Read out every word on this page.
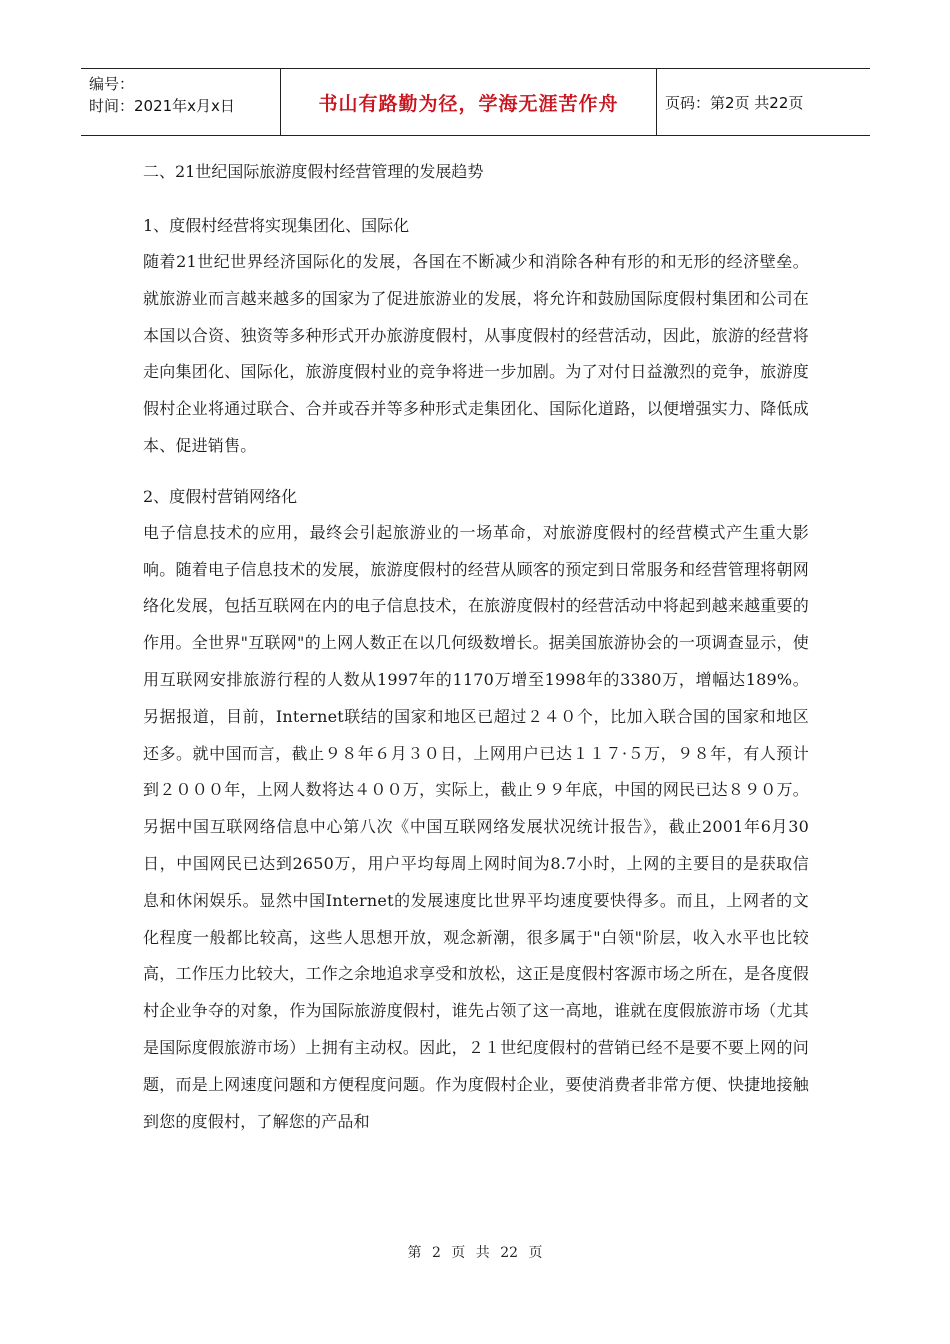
编号：
时间：2021年x月x日	书山有路勤为径，学海无涯苦作舟	页码：第2页 共22页
二、21世纪国际旅游度假村经营管理的发展趋势
1、度假村经营将实现集团化、国际化

随着21世纪世界经济国际化的发展，各国在不断减少和消除各种有形的和无形的经济壁垒。就旅游业而言越来越多的国家为了促进旅游业的发展，将允许和鼓励国际度假村集团和公司在本国以合资、独资等多种形式开办旅游度假村，从事度假村的经营活动，因此，旅游的经营将走向集团化、国际化，旅游度假村业的竞争将进一步加剧。为了对付日益激烈的竞争，旅游度假村企业将通过联合、合并或吞并等多种形式走集团化、国际化道路，以便增强实力、降低成本、促进销售。

2、度假村营销网络化

电子信息技术的应用，最终会引起旅游业的一场革命，对旅游度假村的经营模式产生重大影响。随着电子信息技术的发展，旅游度假村的经营从顾客的预定到日常服务和经营管理将朝网络化发展，包括互联网在内的电子信息技术，在旅游度假村的经营活动中将起到越来越重要的作用。全世界"互联网"的上网人数正在以几何级数增长。据美国旅游协会的一项调查显示，使用互联网安排旅游行程的人数从1997年的1170万增至1998年的3380万，增幅达189%。另据报道，目前，Internet联结的国家和地区已超过２４０个，比加入联合国的国家和地区还多。就中国而言，截止９８年６月３０日，上网用户已达１１７·５万，９８年，有人预计到２０００年，上网人数将达４００万，实际上，截止９９年底，中国的网民已达８９０万。另据中国互联网络信息中心第八次《中国互联网络发展状况统计报告》，截止2001年6月30日，中国网民已达到2650万，用户平均每周上网时间为8.7小时，上网的主要目的是获取信息和休闲娱乐。显然中国Internet的发展速度比世界平均速度要快得多。而且，上网者的文化程度一般都比较高，这些人思想开放，观念新潮，很多属于"白领"阶层，收入水平也比较高，工作压力比较大，工作之余地追求享受和放松，这正是度假村客源市场之所在，是各度假村企业争夺的对象，作为国际旅游度假村，谁先占领了这一高地，谁就在度假旅游市场（尤其是国际度假旅游市场）上拥有主动权。因此，２１世纪度假村的营销已经不是要不要上网的问题，而是上网速度问题和方便程度问题。作为度假村企业，要使消费者非常方便、快捷地接触到您的度假村，了解您的产品和

第 2 页 共 22 页
